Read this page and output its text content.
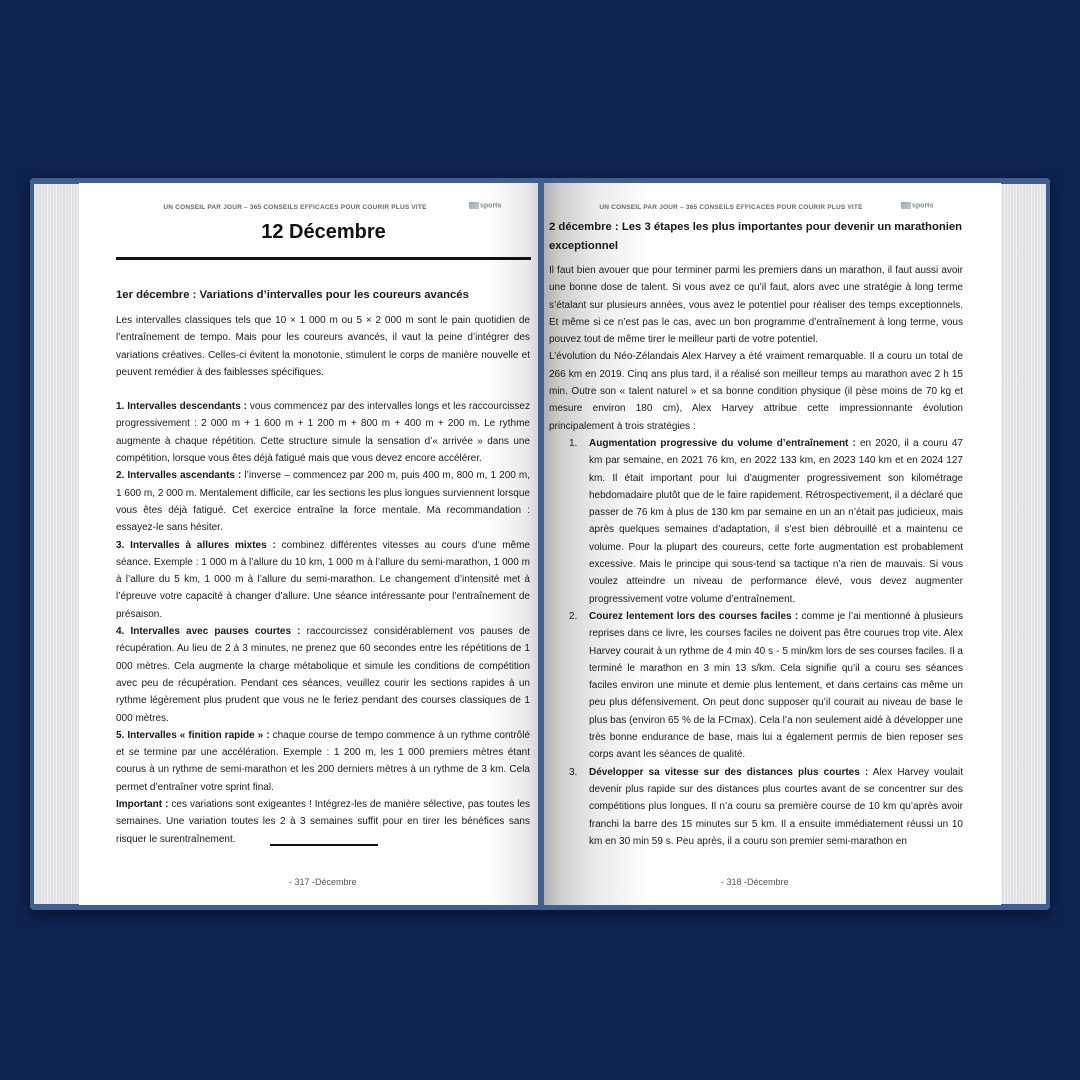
UN CONSEIL PAR JOUR – 365 CONSEILS EFFICACES POUR COURIR PLUS VITE	sports
12 Décembre
1er décembre : Variations d’intervalles pour les coureurs avancés

Les intervalles classiques tels que 10 × 1 000 m ou 5 × 2 000 m sont le pain quotidien de l’entraînement de tempo. Mais pour les coureurs avancés, il vaut la peine d’intégrer des variations créatives. Celles-ci évitent la monotonie, stimulent le corps de manière nouvelle et peuvent remédier à des faiblesses spécifiques.

1. Intervalles descendants : vous commencez par des intervalles longs et les raccourcissez progressivement : 2 000 m + 1 600 m + 1 200 m + 800 m + 400 m + 200 m. Le rythme augmente à chaque répétition. Cette structure simule la sensation d’« arrivée » dans une compétition, lorsque vous êtes déjà fatigué mais que vous devez encore accélérer.

2. Intervalles ascendants : l’inverse – commencez par 200 m, puis 400 m, 800 m, 1 200 m, 1 600 m, 2 000 m. Mentalement difficile, car les sections les plus longues surviennent lorsque vous êtes déjà fatigué. Cet exercice entraîne la force mentale. Ma recommandation : essayez-le sans hésiter.

3. Intervalles à allures mixtes : combinez différentes vitesses au cours d’une même séance. Exemple : 1 000 m à l’allure du 10 km, 1 000 m à l’allure du semi-marathon, 1 000 m à l’allure du 5 km, 1 000 m à l’allure du semi-marathon. Le changement d’intensité met à l’épreuve votre capacité à changer d’allure. Une séance intéressante pour l’entraînement de présaison.

4. Intervalles avec pauses courtes : raccourcissez considérablement vos pauses de récupération. Au lieu de 2 à 3 minutes, ne prenez que 60 secondes entre les répétitions de 1 000 mètres. Cela augmente la charge métabolique et simule les conditions de compétition avec peu de récupération. Pendant ces séances, veuillez courir les sections rapides à un rythme légèrement plus prudent que vous ne le feriez pendant des courses classiques de 1 000 mètres.

5. Intervalles « finition rapide » : chaque course de tempo commence à un rythme contrôlé et se termine par une accélération. Exemple : 1 200 m, les 1 000 premiers mètres étant courus à un rythme de semi-marathon et les 200 derniers mètres à un rythme de 3 km. Cela permet d’entraîner votre sprint final.

Important : ces variations sont exigeantes ! Intégrez-les de manière sélective, pas toutes les semaines. Une variation toutes les 2 à 3 semaines suffit pour en tirer les bénéfices sans risquer le surentraînement.

- 317 -Décembre
UN CONSEIL PAR JOUR – 365 CONSEILS EFFICACES POUR COURIR PLUS VITE	sports
2 décembre : Les 3 étapes les plus importantes pour devenir un marathonien exceptionnel

Il faut bien avouer que pour terminer parmi les premiers dans un marathon, il faut aussi avoir une bonne dose de talent. Si vous avez ce qu’il faut, alors avec une stratégie à long terme s’étalant sur plusieurs années, vous avez le potentiel pour réaliser des temps exceptionnels. Et même si ce n’est pas le cas, avec un bon programme d’entraînement à long terme, vous pouvez tout de même tirer le meilleur parti de votre potentiel.

L’évolution du Néo-Zélandais Alex Harvey a été vraiment remarquable. Il a couru un total de 266 km en 2019. Cinq ans plus tard, il a réalisé son meilleur temps au marathon avec 2 h 15 min. Outre son « talent naturel » et sa bonne condition physique (il pèse moins de 70 kg et mesure environ 180 cm), Alex Harvey attribue cette impressionnante évolution principalement à trois stratégies :

1. Augmentation progressive du volume d’entraînement : en 2020, il a couru 47 km par semaine, en 2021 76 km, en 2022 133 km, en 2023 140 km et en 2024 127 km. Il était important pour lui d’augmenter progressivement son kilométrage hebdomadaire plutôt que de le faire rapidement. Rétrospectivement, il a déclaré que passer de 76 km à plus de 130 km par semaine en un an n’était pas judicieux, mais après quelques semaines d’adaptation, il s’est bien débrouillé et a maintenu ce volume. Pour la plupart des coureurs, cette forte augmentation est probablement excessive. Mais le principe qui sous-tend sa tactique n’a rien de mauvais. Si vous voulez atteindre un niveau de performance élevé, vous devez augmenter progressivement votre volume d’entraînement.
2. Courez lentement lors des courses faciles : comme je l’ai mentionné à plusieurs reprises dans ce livre, les courses faciles ne doivent pas être courues trop vite. Alex Harvey courait à un rythme de 4 min 40 s - 5 min/km lors de ses courses faciles. Il a terminé le marathon en 3 min 13 s/km. Cela signifie qu’il a couru ses séances faciles environ une minute et demie plus lentement, et dans certains cas même un peu plus défensivement. On peut donc supposer qu’il courait au niveau de base le plus bas (environ 65 % de la FCmax). Cela l’a non seulement aidé à développer une très bonne endurance de base, mais lui a également permis de bien reposer ses corps avant les séances de qualité.
3. Développer sa vitesse sur des distances plus courtes : Alex Harvey voulait devenir plus rapide sur des distances plus courtes avant de se concentrer sur des compétitions plus longues. Il n’a couru sa première course de 10 km qu’après avoir franchi la barre des 15 minutes sur 5 km. Il a ensuite immédiatement réussi un 10 km en 30 min 59 s. Peu après, il a couru son premier semi-marathon en
- 318 -Décembre
